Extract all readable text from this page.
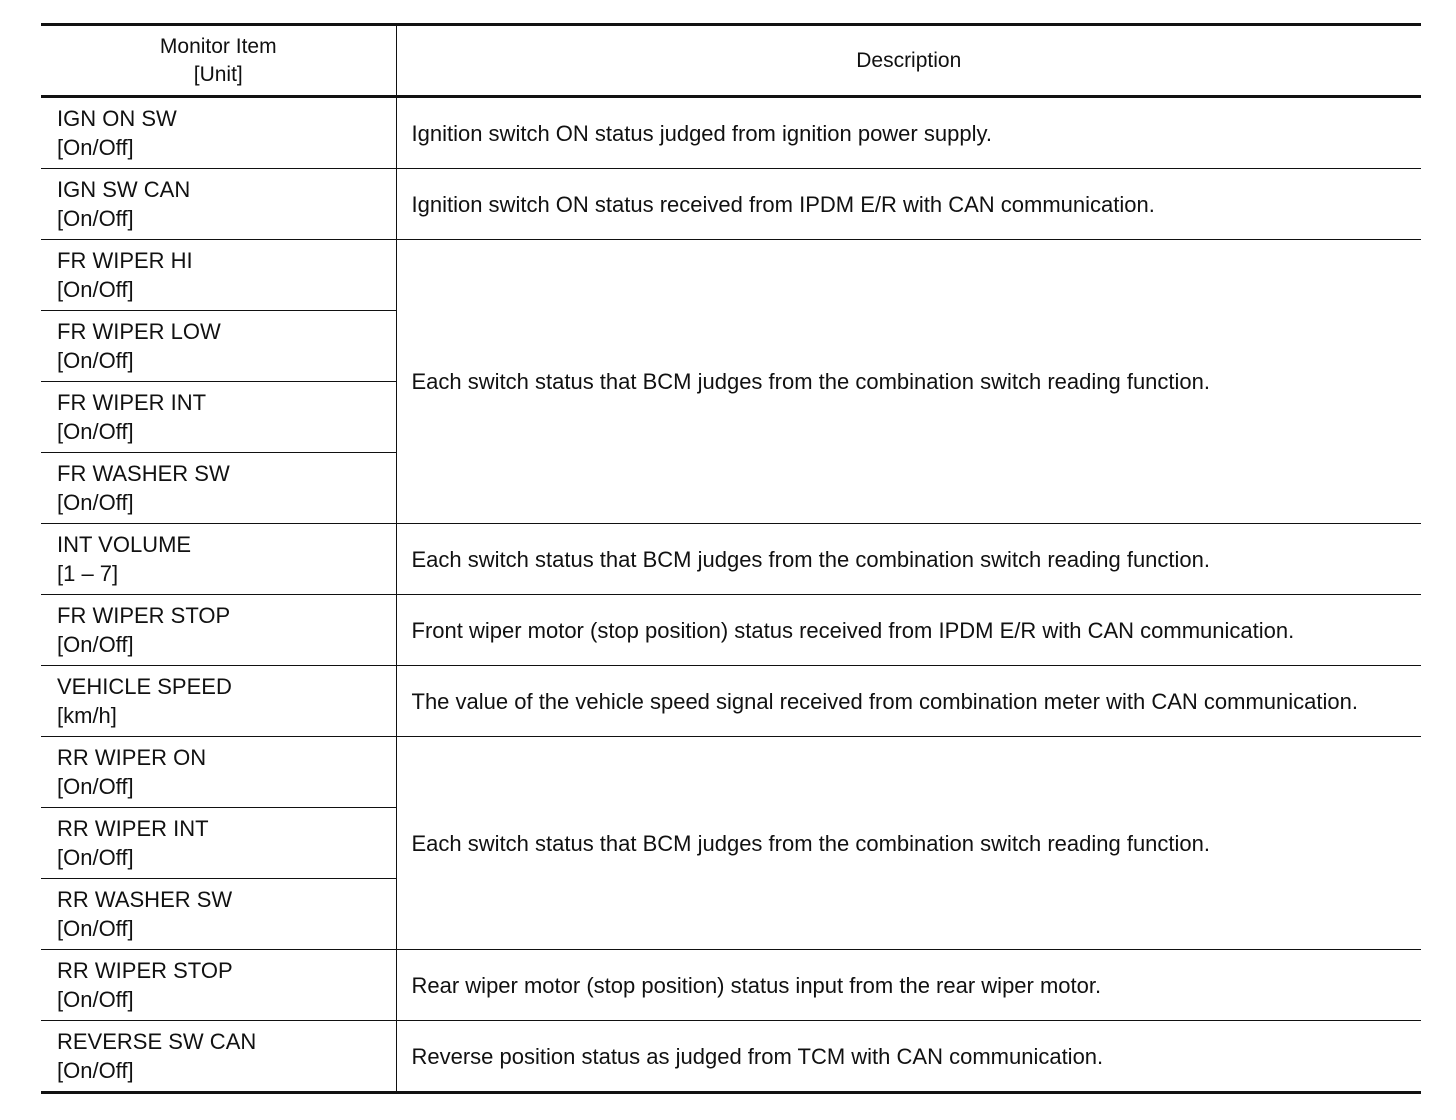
Monitor Item
[Unit]	Description

IGN ON SW
[On/Off]	Ignition switch ON status judged from ignition power supply.

IGN SW CAN
[On/Off]	Ignition switch ON status received from IPDM E/R with CAN communication.

FR WIPER HI
[On/Off]	Each switch status that BCM judges from the combination switch reading function.

FR WIPER LOW
[On/Off]	

FR WIPER INT
[On/Off]	

FR WASHER SW
[On/Off]	

INT VOLUME
[1 – 7]	Each switch status that BCM judges from the combination switch reading function.

FR WIPER STOP
[On/Off]	Front wiper motor (stop position) status received from IPDM E/R with CAN communication.

VEHICLE SPEED
[km/h]	The value of the vehicle speed signal received from combination meter with CAN communication.

RR WIPER ON
[On/Off]	Each switch status that BCM judges from the combination switch reading function.

RR WIPER INT
[On/Off]	

RR WASHER SW
[On/Off]	

RR WIPER STOP
[On/Off]	Rear wiper motor (stop position) status input from the rear wiper motor.

REVERSE SW CAN
[On/Off]	Reverse position status as judged from TCM with CAN communication.
